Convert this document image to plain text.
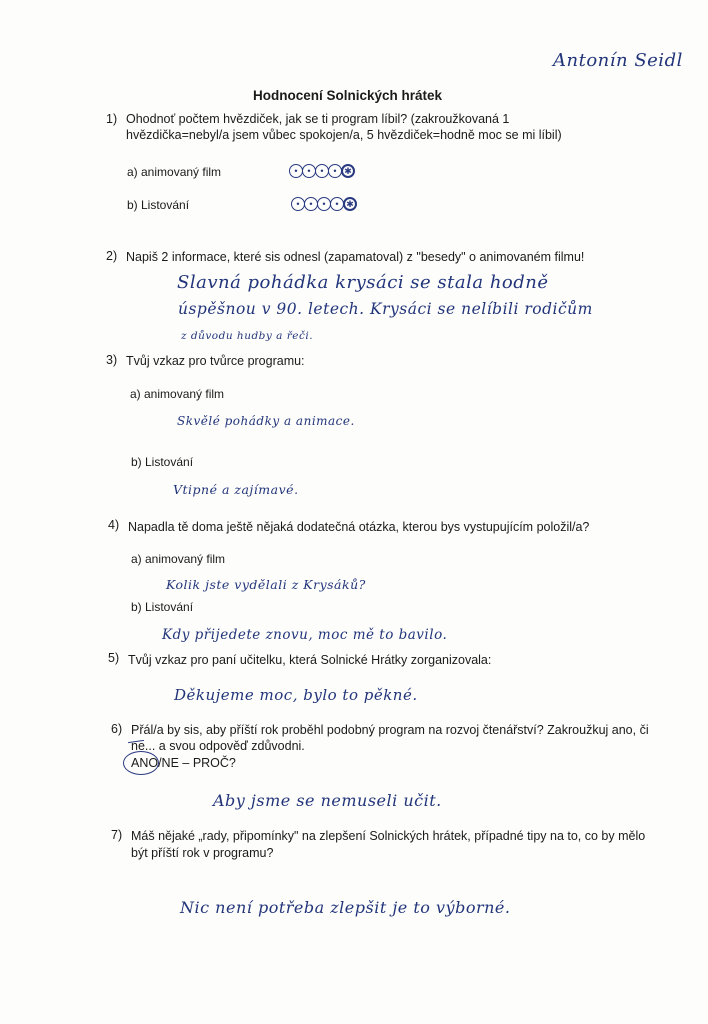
Antonín Seidl
Hodnocení Solnických hrátek
1) Ohodnoť počtem hvězdiček, jak se ti program líbil? (zakroužkovaná 1
hvězdička=nebyl/a jsem vůbec spokojen/a, 5 hvězdiček=hodně moc se mi líbil)
a) animovaný film	•	•	•	• ✱
b) Listování	•	•	•	• ✱
2) Napiš 2 informace, které sis odnesl (zapamatoval) z "besedy" o animovaném filmu!
Slavná pohádka krysáci se stala hodně
úspěšnou v 90. letech. Krysáci se nelíbili rodičům
z důvodu hudby a řeči.
3) Tvůj vzkaz pro tvůrce programu:
a) animovaný film
Skvělé pohádky a animace.
b) Listování
Vtipné a zajímavé.
4) Napadla tě doma ještě nějaká dodatečná otázka, kterou bys vystupujícím položil/a?
a) animovaný film
Kolik jste vydělali z Krysáků?
b) Listování
Kdy přijedete znovu, moc mě to bavilo.
5) Tvůj vzkaz pro paní učitelku, která Solnické Hrátky zorganizovala:
Děkujeme moc, bylo to pěkné.
6) Přál/a by sis, aby příští rok proběhl podobný program na rozvoj čtenářství? Zakroužkuj ano, či
ne... a svou odpověď zdůvodni.
ANO/NE – PROČ?
Aby jsme se nemuseli učit.
7) Máš nějaké „rady, připomínky" na zlepšení Solnických hrátek, případné tipy na to, co by mělo
být příští rok v programu?
Nic není potřeba zlepšit je to výborné.
